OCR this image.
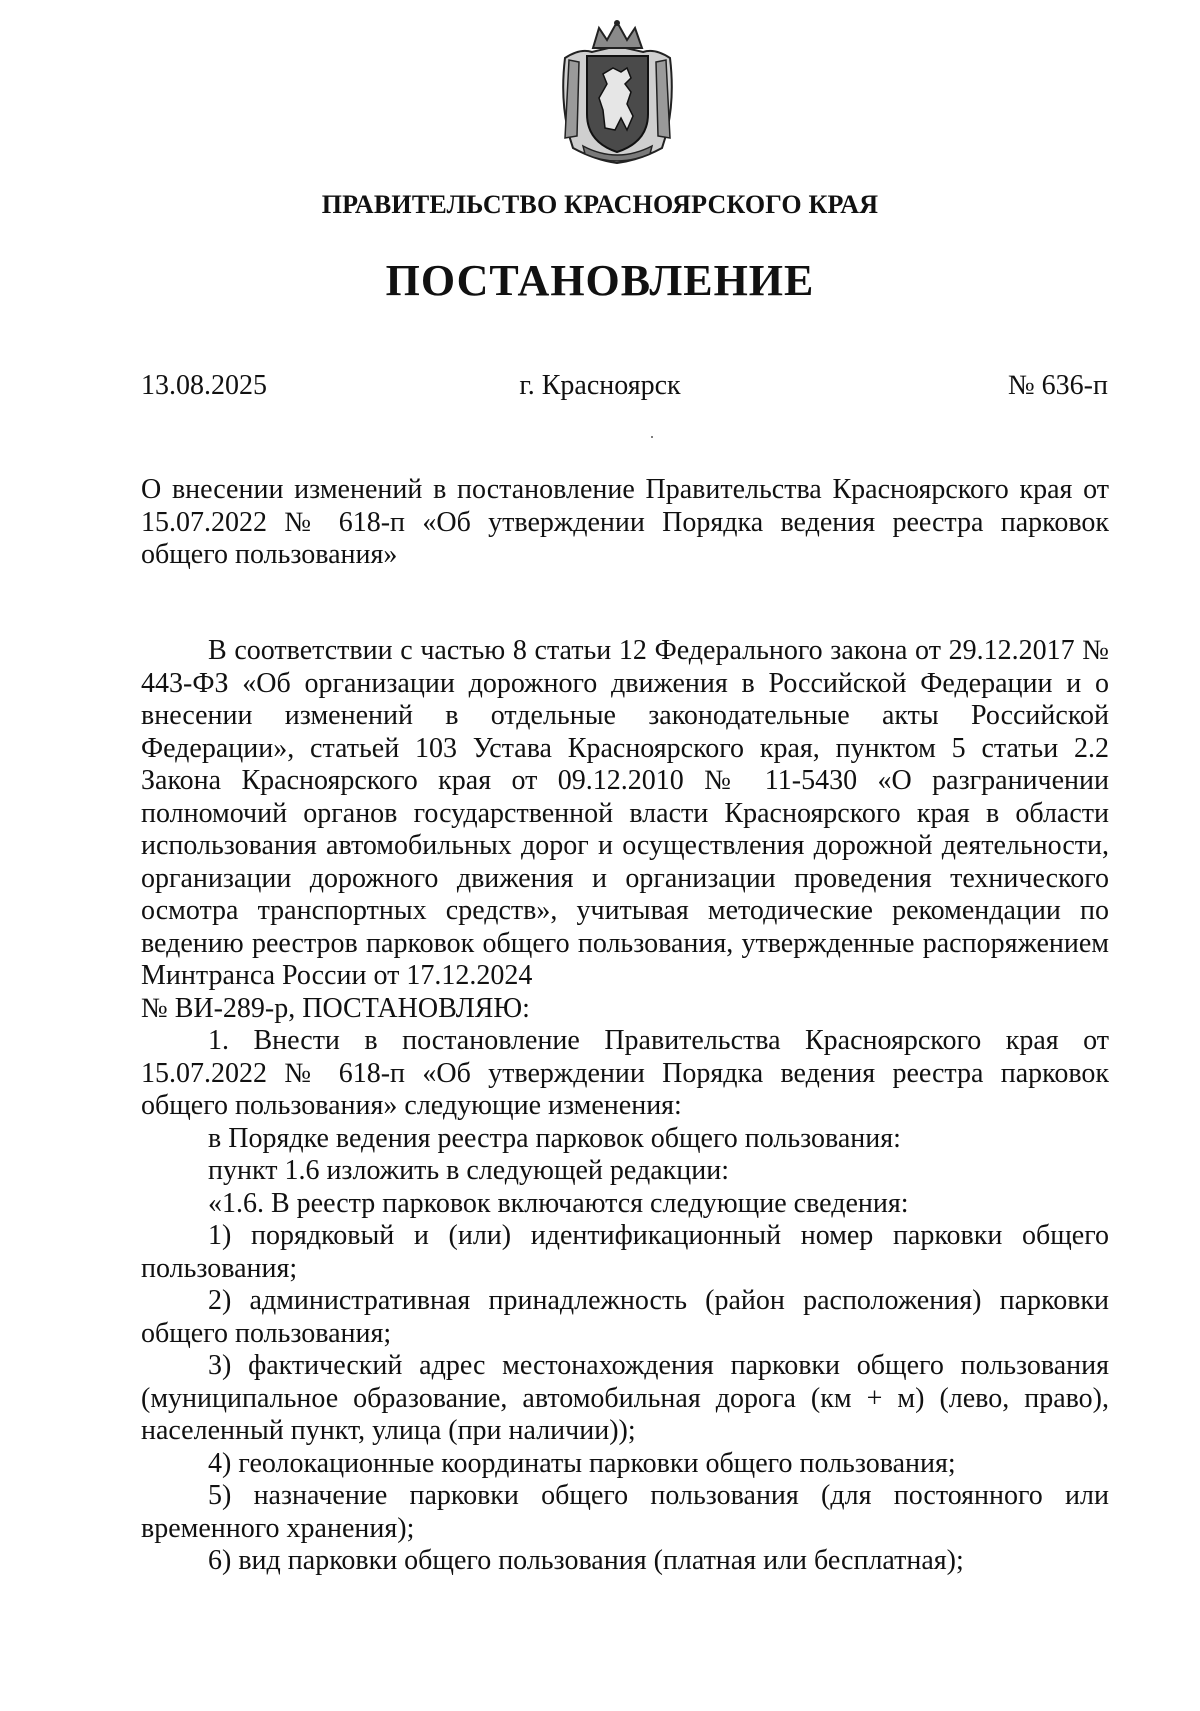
ПРАВИТЕЛЬСТВО КРАСНОЯРСКОГО КРАЯ
ПОСТАНОВЛЕНИЕ
13.08.2025	г. Красноярск	№ 636-п
О внесении изменений в постановление Правительства Красноярского края от 15.07.2022 № 618-п «Об утверждении Порядка ведения реестра парковок общего пользования»

В соответствии с частью 8 статьи 12 Федерального закона от 29.12.2017 № 443-ФЗ «Об организации дорожного движения в Российской Федерации и о внесении изменений в отдельные законодательные акты Российской Федерации», статьей 103 Устава Красноярского края, пунктом 5 статьи 2.2 Закона Красноярского края от 09.12.2010 № 11-5430 «О разграничении полномочий органов государственной власти Красноярского края в области использования автомобильных дорог и осуществления дорожной деятельности, организации дорожного движения и организации проведения технического осмотра транспортных средств», учитывая методические рекомендации по ведению реестров парковок общего пользования, утвержденные распоряжением Минтранса России от 17.12.2024

№ ВИ-289-р, ПОСТАНОВЛЯЮ:

1. Внести в постановление Правительства Красноярского края от 15.07.2022 № 618-п «Об утверждении Порядка ведения реестра парковок общего пользования» следующие изменения:

в Порядке ведения реестра парковок общего пользования:

пункт 1.6 изложить в следующей редакции:

«1.6. В реестр парковок включаются следующие сведения:

1) порядковый и (или) идентификационный номер парковки общего пользования;

2) административная принадлежность (район расположения) парковки общего пользования;

3) фактический адрес местонахождения парковки общего пользования (муниципальное образование, автомобильная дорога (км + м) (лево, право), населенный пункт, улица (при наличии));

4) геолокационные координаты парковки общего пользования;

5) назначение парковки общего пользования (для постоянного или временного хранения);

6) вид парковки общего пользования (платная или бесплатная);
